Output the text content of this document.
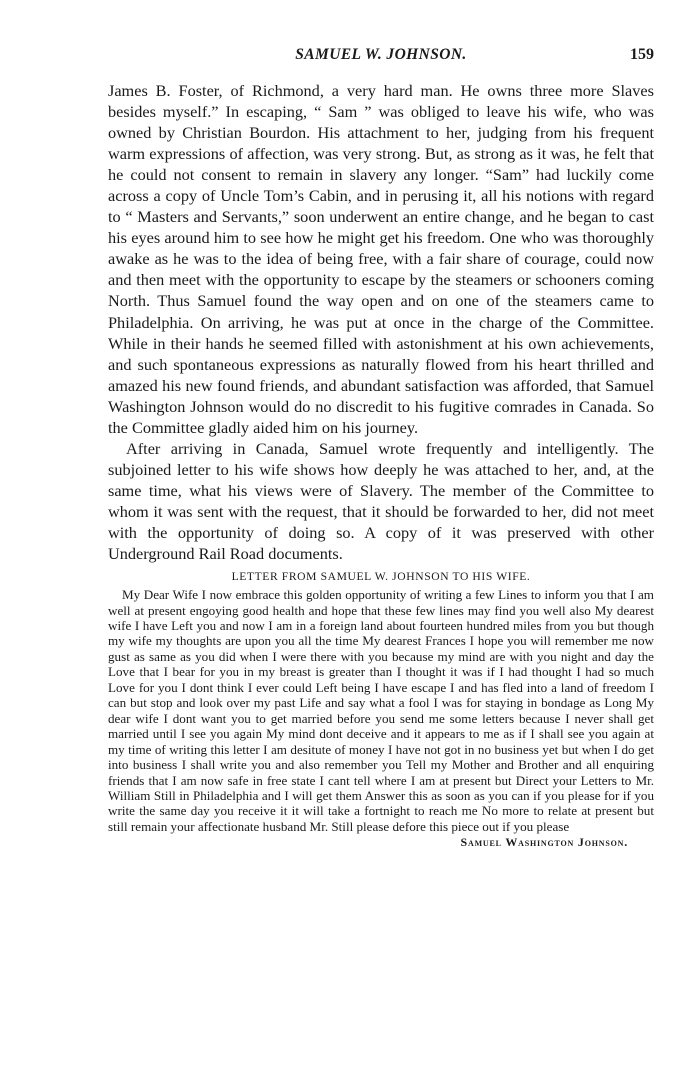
SAMUEL W. JOHNSON.	159

James B. Foster, of Richmond, a very hard man. He owns three more Slaves besides myself.” In escaping, “ Sam ” was obliged to leave his wife, who was owned by Christian Bourdon. His attachment to her, judging from his frequent warm expressions of affection, was very strong. But, as strong as it was, he felt that he could not consent to remain in slavery any longer. “Sam” had luckily come across a copy of Uncle Tom’s Cabin, and in perusing it, all his notions with regard to “ Masters and Servants,” soon underwent an entire change, and he began to cast his eyes around him to see how he might get his freedom. One who was thoroughly awake as he was to the idea of being free, with a fair share of courage, could now and then meet with the opportunity to escape by the steamers or schooners coming North. Thus Samuel found the way open and on one of the steamers came to Philadelphia. On arriving, he was put at once in the charge of the Committee. While in their hands he seemed filled with astonishment at his own achievements, and such spontaneous expressions as naturally flowed from his heart thrilled and amazed his new found friends, and abundant satisfaction was afforded, that Samuel Washington Johnson would do no discredit to his fugitive comrades in Canada. So the Committee gladly aided him on his journey.

After arriving in Canada, Samuel wrote frequently and intelligently. The subjoined letter to his wife shows how deeply he was attached to her, and, at the same time, what his views were of Slavery. The member of the Committee to whom it was sent with the request, that it should be forwarded to her, did not meet with the opportunity of doing so. A copy of it was preserved with other Underground Rail Road documents.

LETTER FROM SAMUEL W. JOHNSON TO HIS WIFE.

My Dear Wife I now embrace this golden opportunity of writing a few Lines to inform you that I am well at present engoying good health and hope that these few lines may find you well also My dearest wife I have Left you and now I am in a foreign land about fourteen hundred miles from you but though my wife my thoughts are upon you all the time My dearest Frances I hope you will remember me now gust as same as you did when I were there with you because my mind are with you night and day the Love that I bear for you in my breast is greater than I thought it was if I had thought I had so much Love for you I dont think I ever could Left being I have escape I and has fled into a land of freedom I can but stop and look over my past Life and say what a fool I was for staying in bondage as Long My dear wife I dont want you to get married before you send me some letters because I never shall get married until I see you again My mind dont deceive and it appears to me as if I shall see you again at my time of writing this letter I am desitute of money I have not got in no business yet but when I do get into business I shall write you and also remember you Tell my Mother and Brother and all enquiring friends that I am now safe in free state I cant tell where I am at present but Direct your Letters to Mr. William Still in Philadelphia and I will get them Answer this as soon as you can if you please for if you write the same day you receive it it will take a fortnight to reach me No more to relate at present but still remain your affectionate husband Mr. Still please defore this piece out if you please

Samuel Washington Johnson.
